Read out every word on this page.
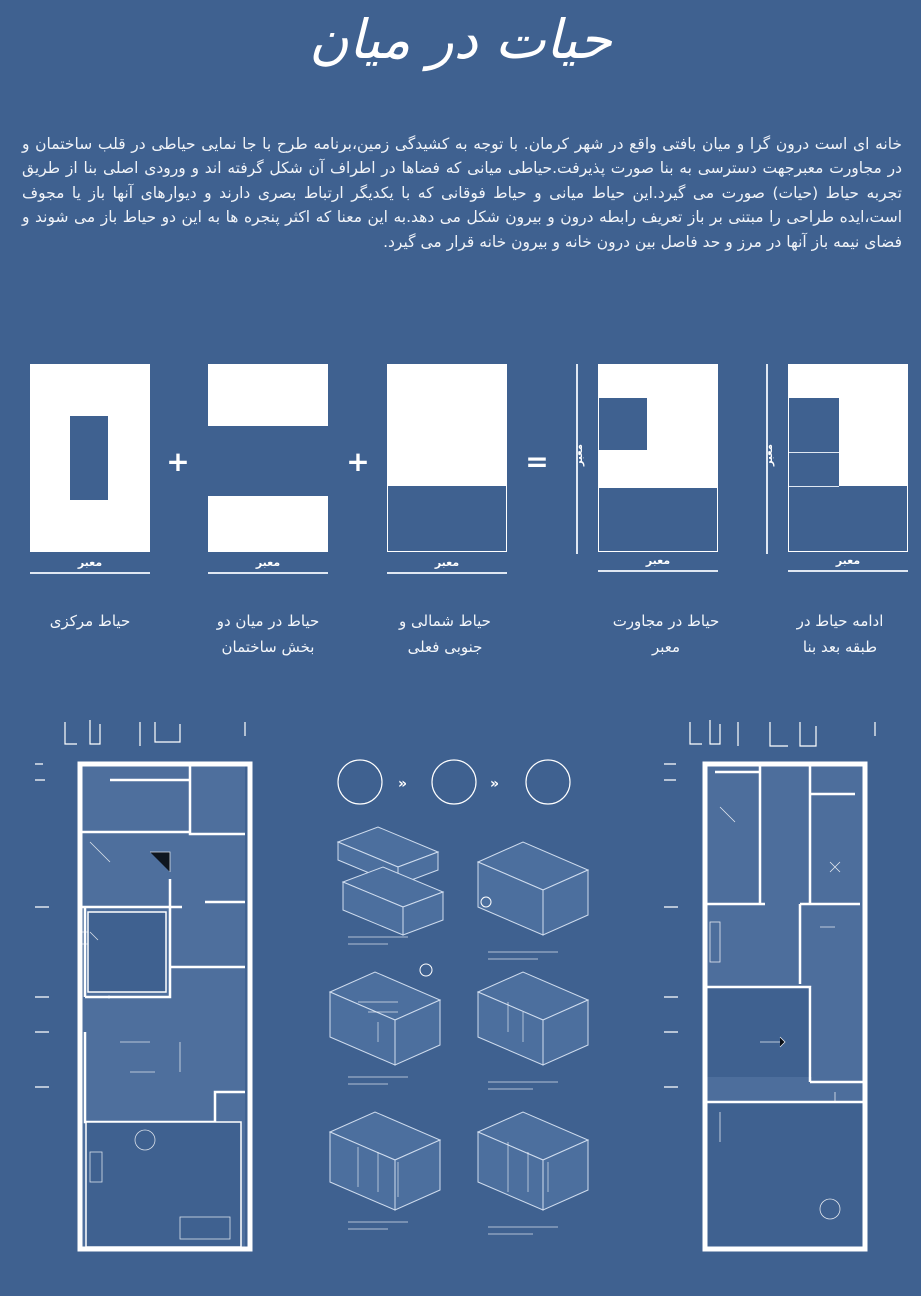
حیات در میان
خانه ای است درون گرا و میان بافتی واقع در شهر کرمان. با توجه به کشیدگی زمین،برنامه طرح با جا نمایی حیاطی در قلب ساختمان و در مجاورت معبرجهت دسترسی به بنا صورت پذیرفت.حیاطی میانی که فضاها در اطراف آن شکل گرفته اند و ورودی اصلی بنا از طریق تجربه حیاط (حیات) صورت می گیرد.این حیاط میانی و حیاط فوقانی که با یکدیگر ارتباط بصری دارند و دیوارهای آنها باز یا مجوف است،ایده طراحی را مبتنی بر باز تعریف رابطه درون و بیرون شکل می دهد.به این معنا که اکثر پنجره ها به این دو حیاط باز می شوند و فضای نیمه باز آنها در مرز و حد فاصل بین درون خانه و بیرون خانه قرار می گیرد.
معبر
+
معبر
+
معبر
=	معبر
معبر
معبر
معبر
حیاط مرکزی	حیاط در میان دو
بخش ساختمان
حیاط شمالی و
جنوبی فعلی
حیاط در مجاورت
معبر
ادامه حیاط در
طبقه بعد بنا
»	»
